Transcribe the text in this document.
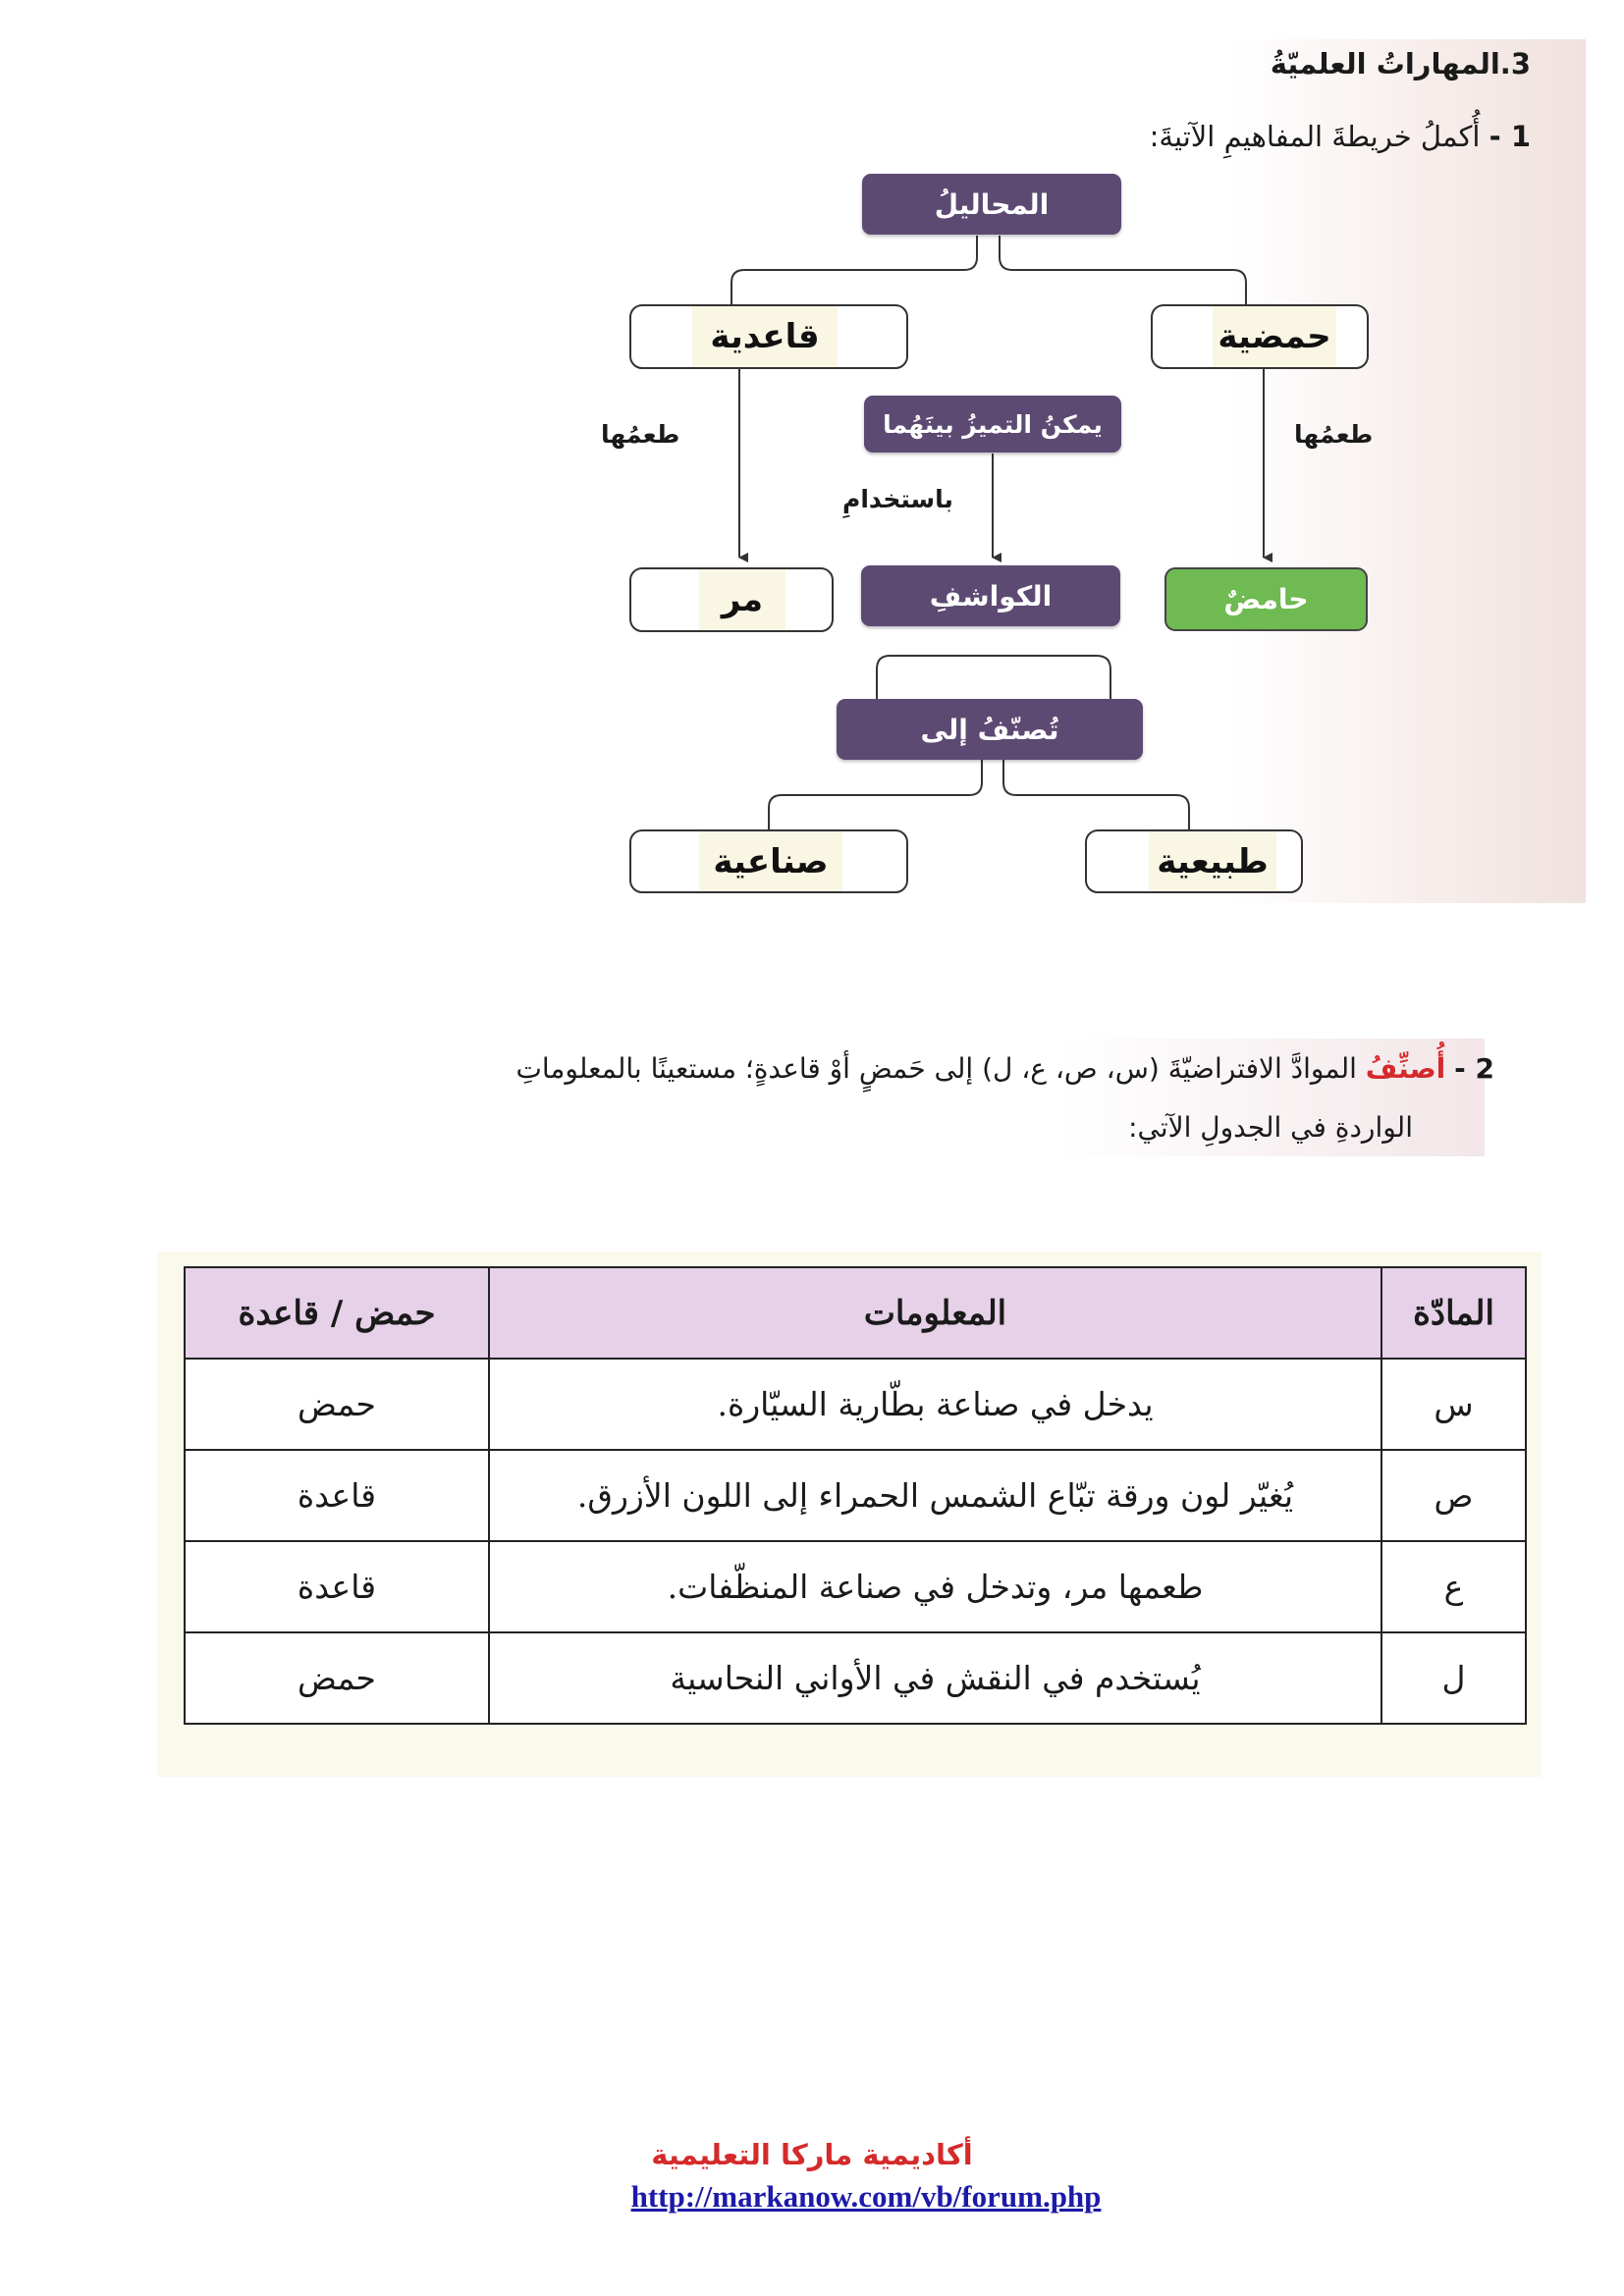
3.المهاراتُ العلميّةُ
1 - أُكملُ خريطةَ المفاهيمِ الآتيةَ:
المحاليلُ
حمضية
قاعدية
يمكنُ التميزُ بينَهُما	طعمُها
طعمُها
باستخدامِ
حامضٌ
الكواشفِ
مر
تُصنّفُ إلى
طبيعية
صناعية
2 - أُصنِّفُ الموادَّ الافتراضيّةَ (س، ص، ع، ل) إلى حَمضٍ أوْ قاعدةٍ؛ مستعينًا بالمعلوماتِ
الواردةِ في الجدولِ الآتي:
المادّة	المعلومات	حمض / قاعدة
س	يدخل في صناعة بطّارية السيّارة.	حمض
ص	يُغيّر لون ورقة تبّاع الشمس الحمراء إلى اللون الأزرق.	قاعدة
ع	طعمها مر، وتدخل في صناعة المنظّفات.	قاعدة
ل	يُستخدم في النقش في الأواني النحاسية	حمض
أكاديمية ماركا التعليمية
http://markanow.com/vb/forum.php
